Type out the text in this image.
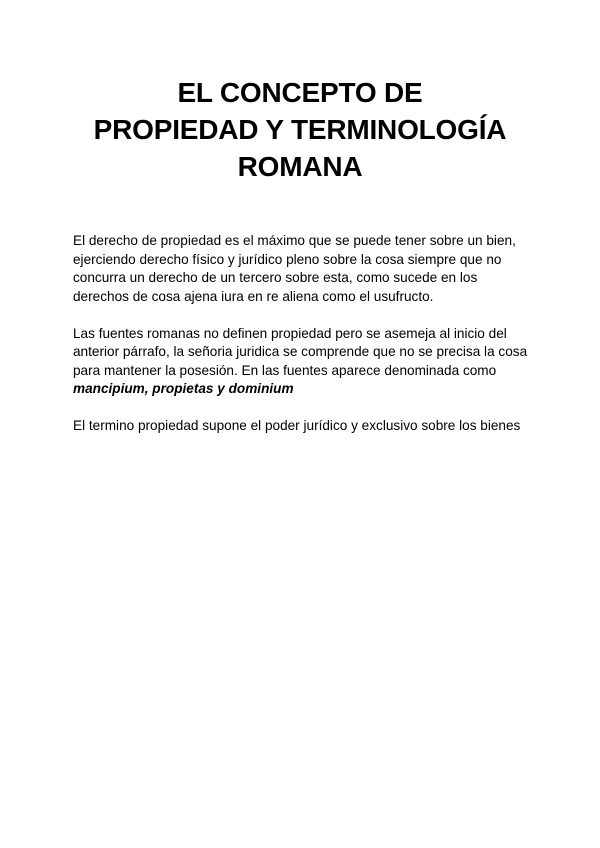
EL CONCEPTO DE
PROPIEDAD Y TERMINOLOGÍA
ROMANA

El derecho de propiedad es el máximo que se puede tener sobre un bien, ejerciendo derecho físico y jurídico pleno sobre la cosa siempre que no concurra un derecho de un tercero sobre esta, como sucede en los derechos de cosa ajena iura en re aliena como el usufructo.

Las fuentes romanas no definen propiedad pero se asemeja al inicio del anterior párrafo, la señoria juridica se comprende que no se precisa la cosa para mantener la posesión. En las fuentes aparece denominada como mancipium, propietas y dominium

El termino propiedad supone el poder jurídico y exclusivo sobre los bienes
